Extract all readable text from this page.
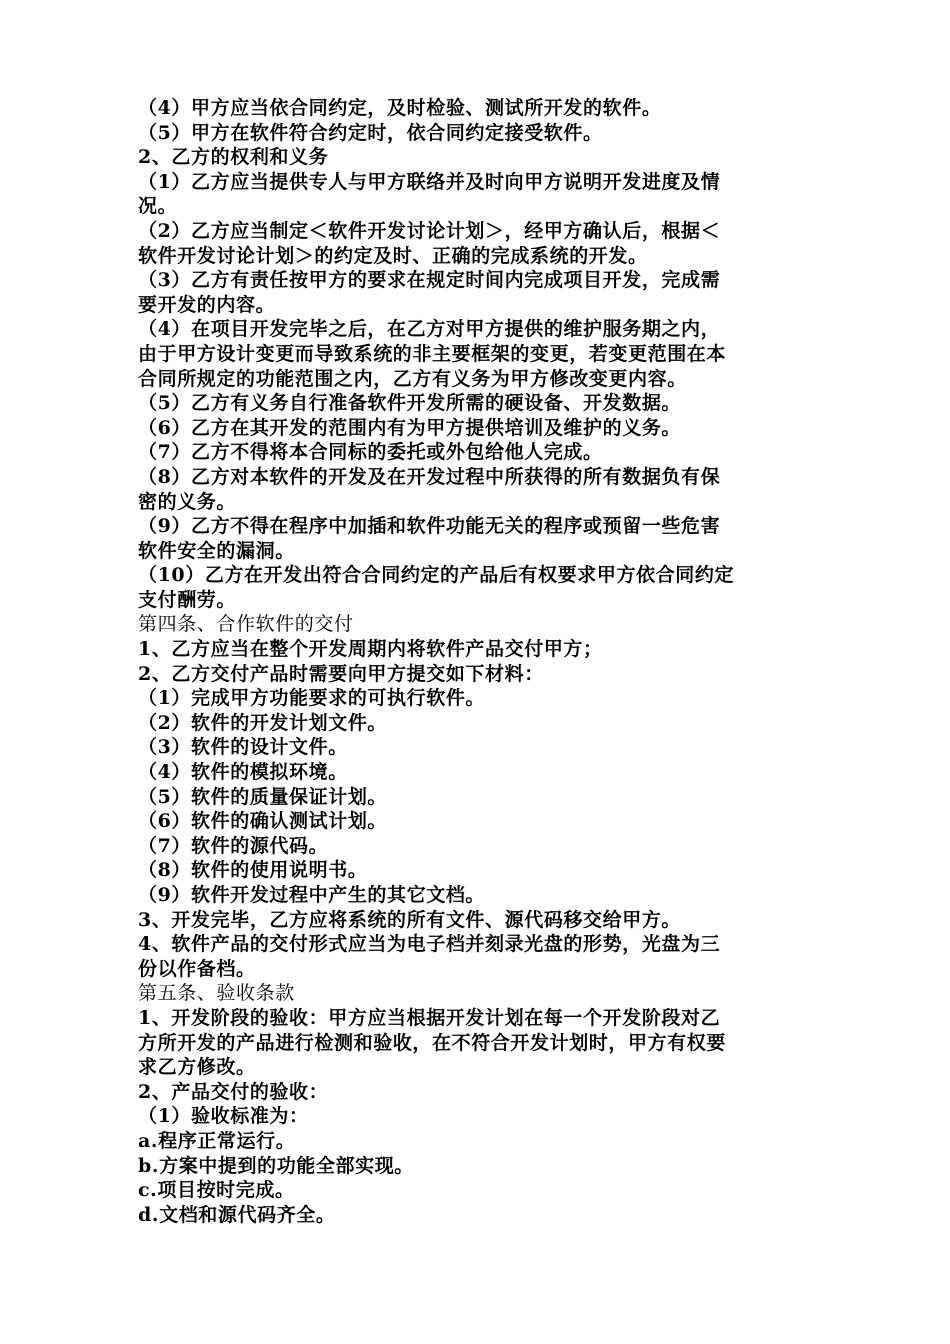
（4）甲方应当依合同约定，及时检验、测试所开发的软件。
（5）甲方在软件符合约定时，依合同约定接受软件。
2、乙方的权利和义务
（1）乙方应当提供专人与甲方联络并及时向甲方说明开发进度及情
况。
（2）乙方应当制定＜软件开发讨论计划＞，经甲方确认后，根据＜
软件开发讨论计划＞的约定及时、正确的完成系统的开发。
（3）乙方有责任按甲方的要求在规定时间内完成项目开发，完成需
要开发的内容。
（4）在项目开发完毕之后，在乙方对甲方提供的维护服务期之内，
由于甲方设计变更而导致系统的非主要框架的变更，若变更范围在本
合同所规定的功能范围之内，乙方有义务为甲方修改变更内容。
（5）乙方有义务自行准备软件开发所需的硬设备、开发数据。
（6）乙方在其开发的范围内有为甲方提供培训及维护的义务。
（7）乙方不得将本合同标的委托或外包给他人完成。
（8）乙方对本软件的开发及在开发过程中所获得的所有数据负有保
密的义务。
（9）乙方不得在程序中加插和软件功能无关的程序或预留一些危害
软件安全的漏洞。
（10）乙方在开发出符合合同约定的产品后有权要求甲方依合同约定
支付酬劳。
第四条、合作软件的交付
1、乙方应当在整个开发周期内将软件产品交付甲方；
2、乙方交付产品时需要向甲方提交如下材料：
（1）完成甲方功能要求的可执行软件。
（2）软件的开发计划文件。
（3）软件的设计文件。
（4）软件的模拟环境。
（5）软件的质量保证计划。
（6）软件的确认测试计划。
（7）软件的源代码。
（8）软件的使用说明书。
（9）软件开发过程中产生的其它文档。
3、开发完毕，乙方应将系统的所有文件、源代码移交给甲方。
4、软件产品的交付形式应当为电子档并刻录光盘的形势，光盘为三
份以作备档。
第五条、验收条款
1、开发阶段的验收：甲方应当根据开发计划在每一个开发阶段对乙
方所开发的产品进行检测和验收，在不符合开发计划时，甲方有权要
求乙方修改。
2、产品交付的验收：
（1）验收标准为：
a.程序正常运行。
b.方案中提到的功能全部实现。
c.项目按时完成。
d.文档和源代码齐全。
